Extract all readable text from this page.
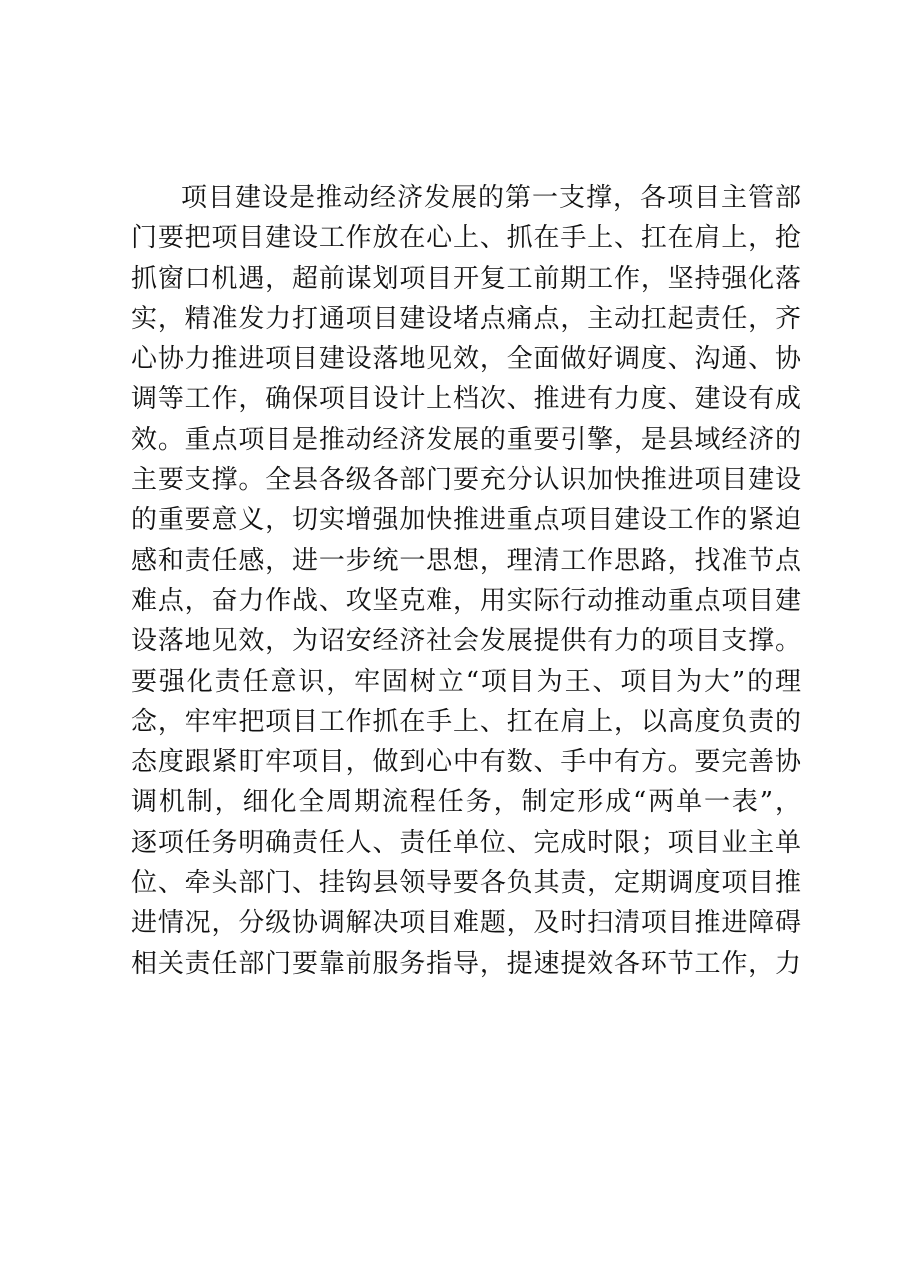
项目建设是推动经济发展的第一支撑，各项目主管部
门要把项目建设工作放在心上、抓在手上、扛在肩上，抢
抓窗口机遇，超前谋划项目开复工前期工作，坚持强化落
实，精准发力打通项目建设堵点痛点，主动扛起责任，齐
心协力推进项目建设落地见效，全面做好调度、沟通、协
调等工作，确保项目设计上档次、推进有力度、建设有成
效。重点项目是推动经济发展的重要引擎，是县域经济的
主要支撑。全县各级各部门要充分认识加快推进项目建设
的重要意义，切实增强加快推进重点项目建设工作的紧迫
感和责任感，进一步统一思想，理清工作思路，找准节点
难点，奋力作战、攻坚克难，用实际行动推动重点项目建
设落地见效，为诏安经济社会发展提供有力的项目支撑。
要强化责任意识，牢固树立“项目为王、项目为大”的理
念，牢牢把项目工作抓在手上、扛在肩上，以高度负责的
态度跟紧盯牢项目，做到心中有数、手中有方。要完善协
调机制，细化全周期流程任务，制定形成“两单一表”，
逐项任务明确责任人、责任单位、完成时限；项目业主单
位、牵头部门、挂钩县领导要各负其责，定期调度项目推
进情况，分级协调解决项目难题，及时扫清项目推进障碍
相关责任部门要靠前服务指导，提速提效各环节工作，力
